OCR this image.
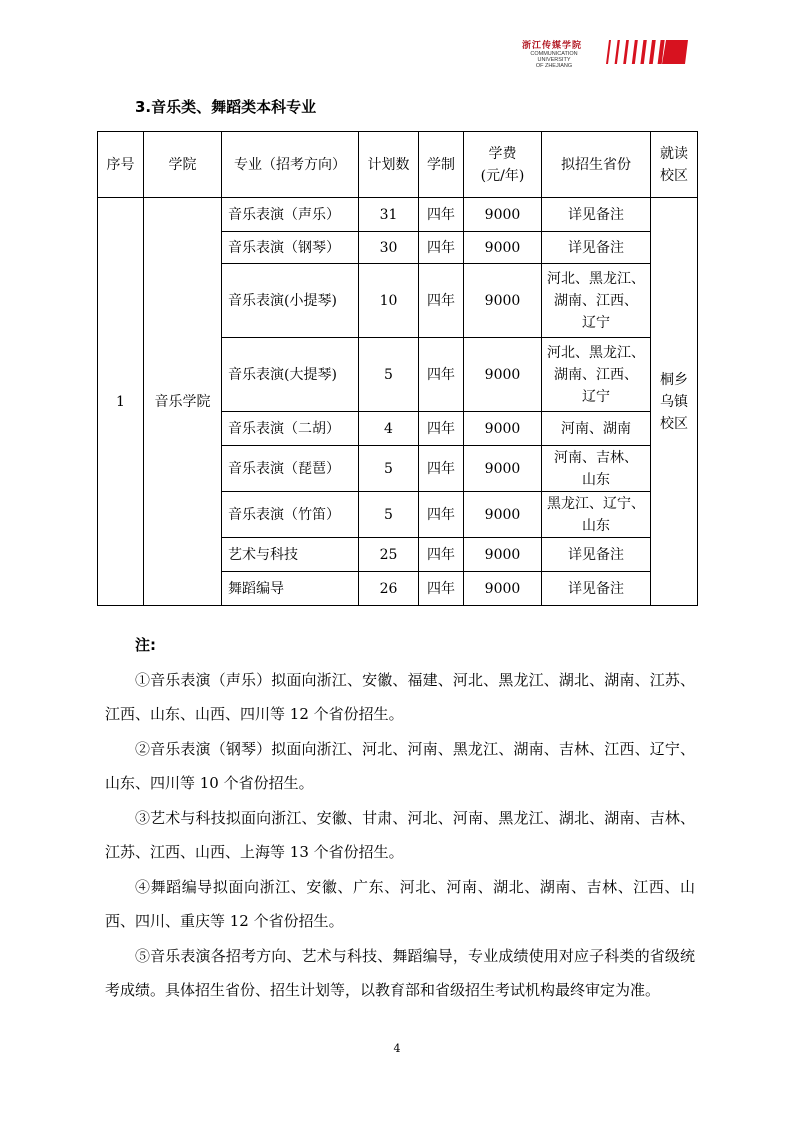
浙江传媒学院
COMMUNICATION
UNIVERSITY
OF ZHEJIANG
3.音乐类、舞蹈类本科专业
序号	学院	专业（招考方向）	计划数	学制	学费
(元/年)	拟招生省份	就读
校区
1	音乐学院	音乐表演（声乐）	31	四年	9000	详见备注	桐乡
乌镇
校区
		音乐表演（钢琴）	30	四年	9000	详见备注	
		音乐表演(小提琴)	10	四年	9000	河北、黑龙江、
湖南、江西、
辽宁	
		音乐表演(大提琴)	5	四年	9000	河北、黑龙江、
湖南、江西、
辽宁	
		音乐表演（二胡）	4	四年	9000	河南、湖南	
		音乐表演（琵琶）	5	四年	9000	河南、吉林、
山东	
		音乐表演（竹笛）	5	四年	9000	黑龙江、辽宁、
山东	
		艺术与科技	25	四年	9000	详见备注	
		舞蹈编导	26	四年	9000	详见备注	
注:
①音乐表演（声乐）拟面向浙江、安徽、福建、河北、黑龙江、湖北、湖南、江苏、江西、山东、山西、四川等 12 个省份招生。
②音乐表演（钢琴）拟面向浙江、河北、河南、黑龙江、湖南、吉林、江西、辽宁、山东、四川等 10 个省份招生。
③艺术与科技拟面向浙江、安徽、甘肃、河北、河南、黑龙江、湖北、湖南、吉林、江苏、江西、山西、上海等 13 个省份招生。
④舞蹈编导拟面向浙江、安徽、广东、河北、河南、湖北、湖南、吉林、江西、山西、四川、重庆等 12 个省份招生。
⑤音乐表演各招考方向、艺术与科技、舞蹈编导，专业成绩使用对应子科类的省级统考成绩。具体招生省份、招生计划等，以教育部和省级招生考试机构最终审定为准。
4
